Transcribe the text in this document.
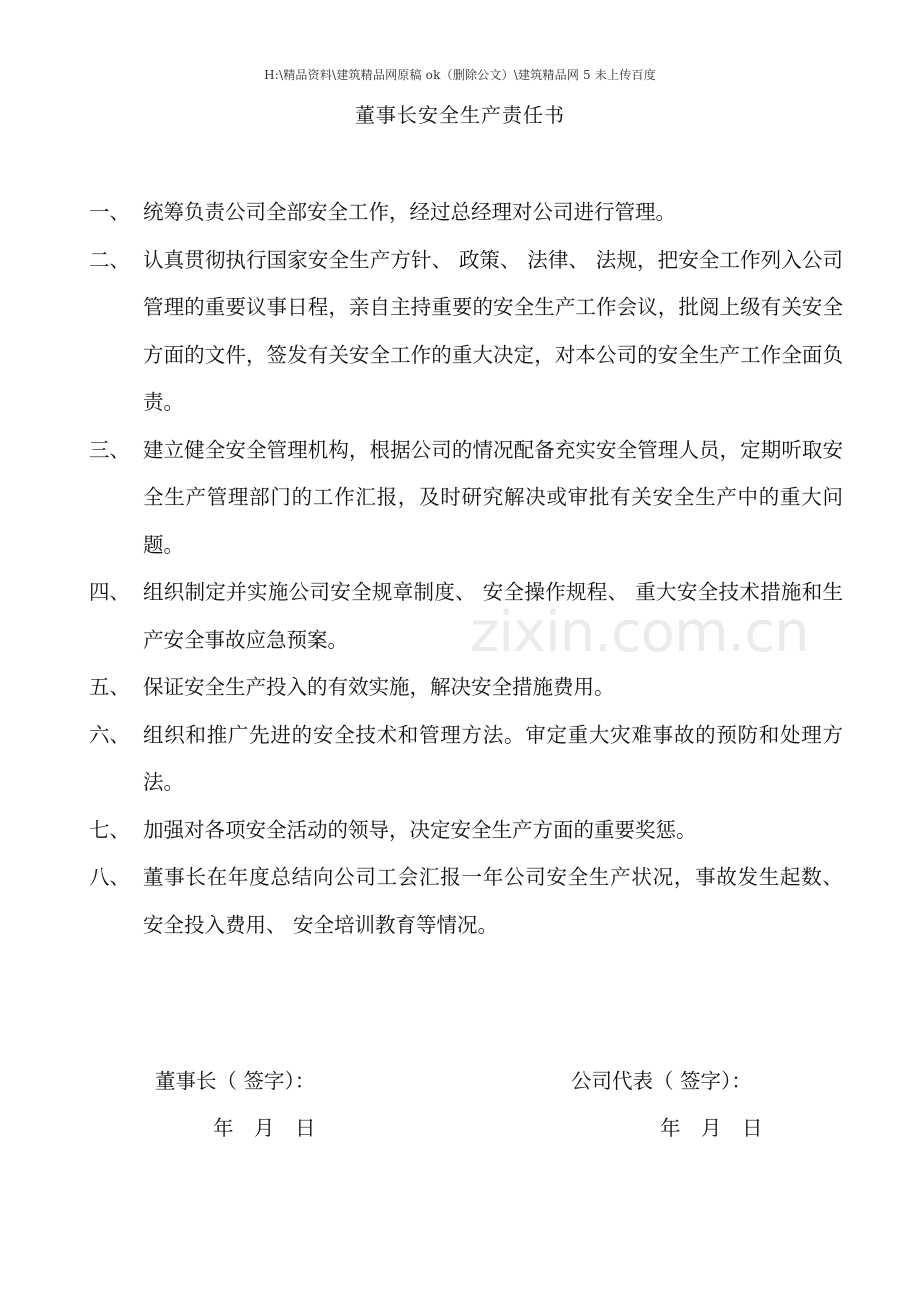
H:\精品资料\建筑精品网原稿 ok（删除公文）\建筑精品网 5 未上传百度
董事长安全生产责任书
zixin.com.cn
一、 统筹负责公司全部安全工作，经过总经理对公司进行管理。
二、 认真贯彻执行国家安全生产方针、 政策、 法律、 法规，把安全工作列入公司管理的重要议事日程，亲自主持重要的安全生产工作会议，批阅上级有关安全方面的文件，签发有关安全工作的重大决定，对本公司的安全生产工作全面负责。
三、 建立健全安全管理机构，根据公司的情况配备充实安全管理人员，定期听取安全生产管理部门的工作汇报，及时研究解决或审批有关安全生产中的重大问题。
四、 组织制定并实施公司安全规章制度、 安全操作规程、 重大安全技术措施和生产安全事故应急预案。
五、 保证安全生产投入的有效实施，解决安全措施费用。
六、 组织和推广先进的安全技术和管理方法。审定重大灾难事故的预防和处理方法。
七、 加强对各项安全活动的领导，决定安全生产方面的重要奖惩。
八、 董事长在年度总结向公司工会汇报一年公司安全生产状况，事故发生起数、 安全投入费用、 安全培训教育等情况。
董事长（ 签字）：
年　月　日
公司代表（ 签字）：
年　月　日
